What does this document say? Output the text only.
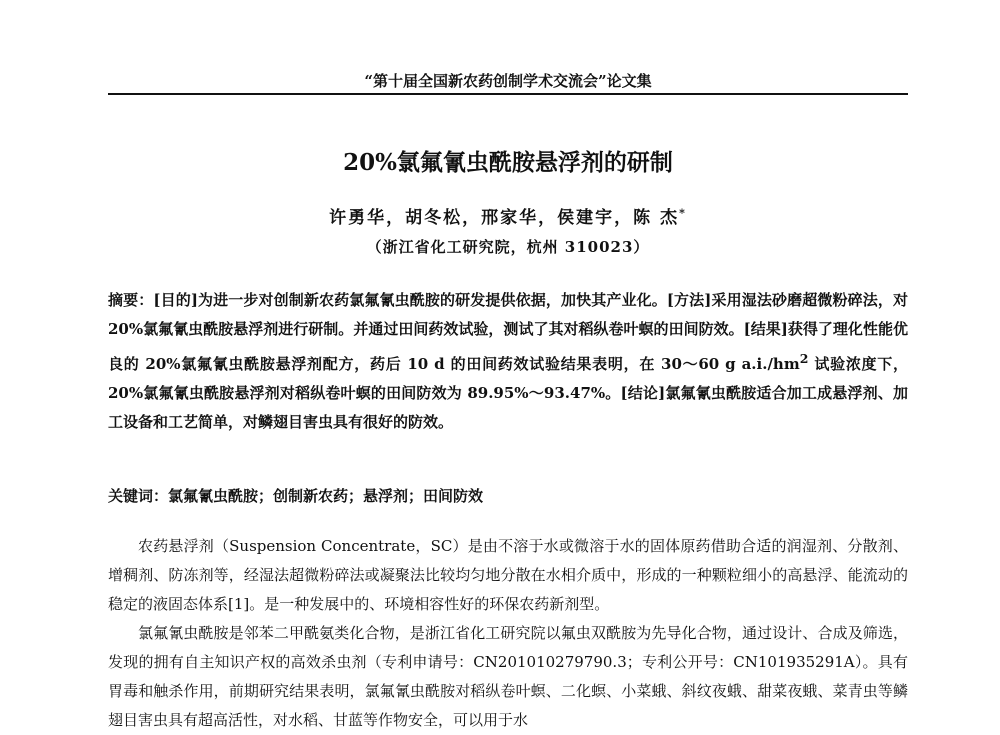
“第十届全国新农药创制学术交流会”论文集
20%氯氟氰虫酰胺悬浮剂的研制
许勇华，胡冬松，邢家华，侯建宇，陈 杰*
（浙江省化工研究院，杭州 310023）
摘要：[目的]为进一步对创制新农药氯氟氰虫酰胺的研发提供依据，加快其产业化。[方法]采用湿法砂磨超微粉碎法，对 20%氯氟氰虫酰胺悬浮剂进行研制。并通过田间药效试验，测试了其对稻纵卷叶螟的田间防效。[结果]获得了理化性能优良的 20%氯氟氰虫酰胺悬浮剂配方，药后 10 d 的田间药效试验结果表明，在 30～60 g $a.i./hm^2$ 试验浓度下，20%氯氟氰虫酰胺悬浮剂对稻纵卷叶螟的田间防效为 89.95%～93.47%。[结论]氯氟氰虫酰胺适合加工成悬浮剂、加工设备和工艺简单，对鳞翅目害虫具有很好的防效。
关键词：氯氟氰虫酰胺；创制新农药；悬浮剂；田间防效

农药悬浮剂（Suspension Concentrate，SC）是由不溶于水或微溶于水的固体原药借助合适的润湿剂、分散剂、增稠剂、防冻剂等，经湿法超微粉碎法或凝聚法比较均匀地分散在水相介质中，形成的一种颗粒细小的高悬浮、能流动的稳定的液固态体系[1]。是一种发展中的、环境相容性好的环保农药新剂型。

氯氟氰虫酰胺是邻苯二甲酰氨类化合物，是浙江省化工研究院以氟虫双酰胺为先导化合物，通过设计、合成及筛选，发现的拥有自主知识产权的高效杀虫剂（专利申请号：CN201010279790.3；专利公开号：CN101935291A）。具有胃毒和触杀作用，前期研究结果表明，氯氟氰虫酰胺对稻纵卷叶螟、二化螟、小菜蛾、斜纹夜蛾、甜菜夜蛾、菜青虫等鳞翅目害虫具有超高活性，对水稻、甘蓝等作物安全，可以用于水
